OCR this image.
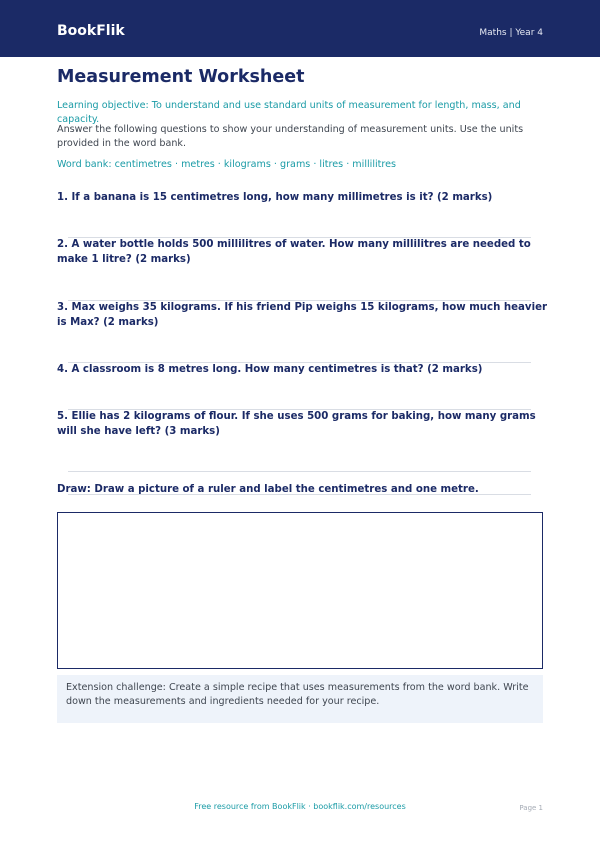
BookFlik	Maths | Year 4
Measurement Worksheet
Learning objective: To understand and use standard units of measurement for length, mass, and capacity.
Answer the following questions to show your understanding of measurement units. Use the units provided in the word bank.
Word bank: centimetres · metres · kilograms · grams · litres · millilitres
1. If a banana is 15 centimetres long, how many millimetres is it? (2 marks)
2. A water bottle holds 500 millilitres of water. How many millilitres are needed to make 1 litre? (2 marks)
3. Max weighs 35 kilograms. If his friend Pip weighs 15 kilograms, how much heavier is Max? (2 marks)
4. A classroom is 8 metres long. How many centimetres is that? (2 marks)
5. Ellie has 2 kilograms of flour. If she uses 500 grams for baking, how many grams will she have left? (3 marks)
Draw: Draw a picture of a ruler and label the centimetres and one metre.
Extension challenge: Create a simple recipe that uses measurements from the word bank. Write down the measurements and ingredients needed for your recipe.
Free resource from BookFlik · bookflik.com/resources	Page 1
